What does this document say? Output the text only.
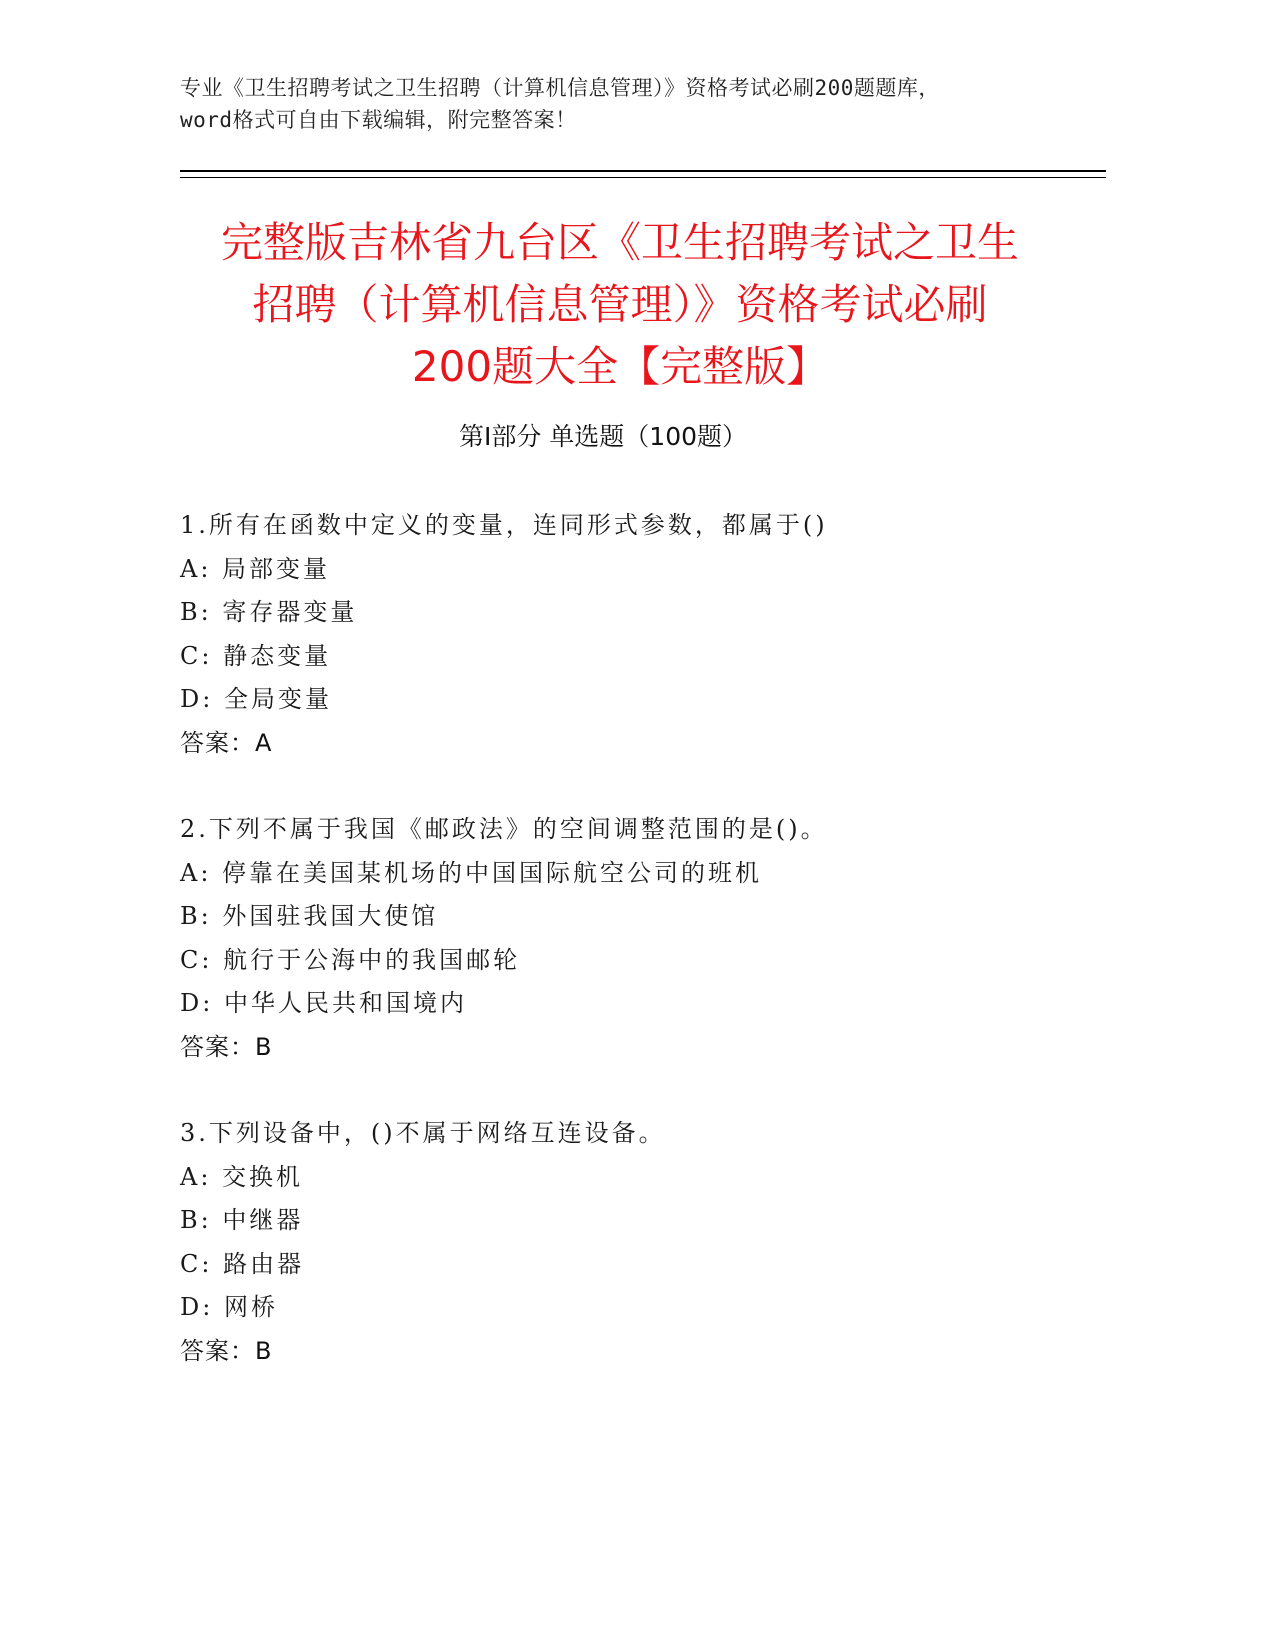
专业《卫生招聘考试之卫生招聘（计算机信息管理）》资格考试必刷200题题库，
word格式可自由下载编辑，附完整答案！
完整版吉林省九台区《卫生招聘考试之卫生
招聘（计算机信息管理）》资格考试必刷
200题大全【完整版】
第I部分 单选题（100题）
1.所有在函数中定义的变量，连同形式参数，都属于()
A: 局部变量
B: 寄存器变量
C: 静态变量
D: 全局变量
答案：A
2.下列不属于我国《邮政法》的空间调整范围的是()。
A: 停靠在美国某机场的中国国际航空公司的班机
B: 外国驻我国大使馆
C: 航行于公海中的我国邮轮
D: 中华人民共和国境内
答案：B
3.下列设备中，()不属于网络互连设备。
A: 交换机
B: 中继器
C: 路由器
D: 网桥
答案：B
